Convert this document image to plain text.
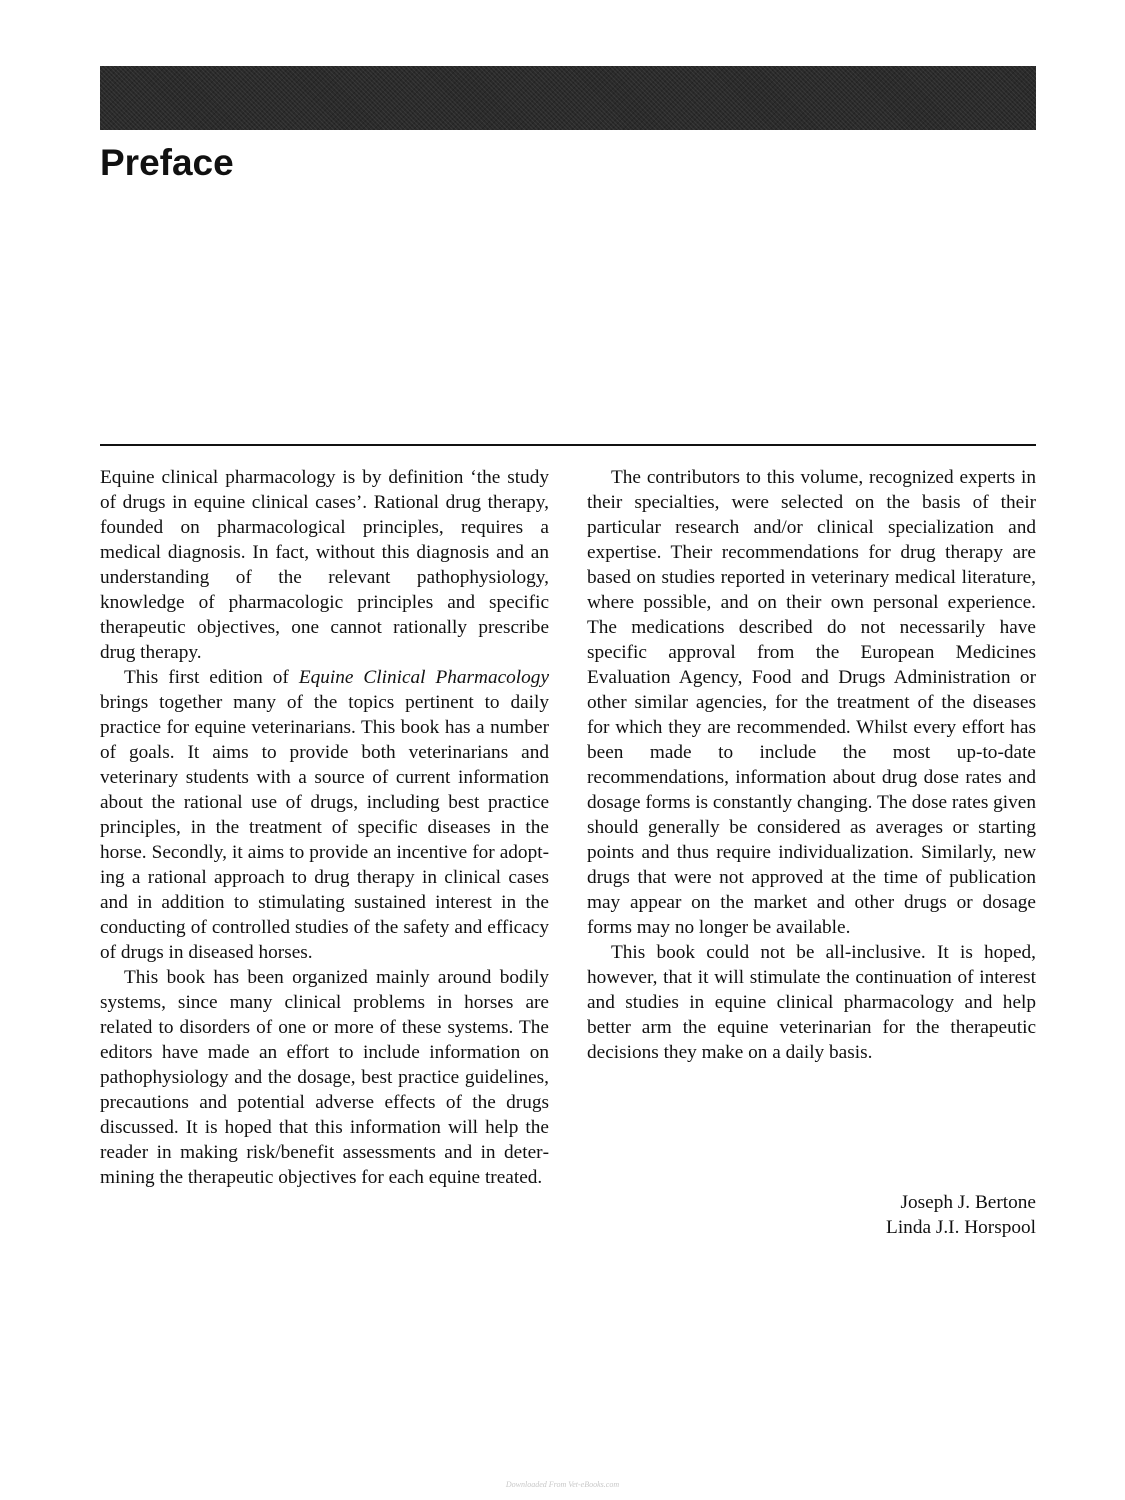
Preface

Equine clinical pharmacology is by definition ‘the study of drugs in equine clinical cases’. Rational drug therapy, founded on pharmacological principles, requires a medical diagnosis. In fact, without this diagnosis and an understanding of the relevant pathophysiology, knowledge of pharmacologic principles and specific therapeutic objectives, one cannot rationally prescribe drug therapy.

This first edition of Equine Clinical Pharmacology brings together many of the topics pertinent to daily practice for equine veterinarians. This book has a number of goals. It aims to provide both veterinarians and veterinary students with a source of current information about the rational use of drugs, including best practice principles, in the treatment of specific diseases in the horse. Secondly, it aims to provide an incentive for adopting a rational approach to drug therapy in clinical cases and in addition to stimulating sustained interest in the conducting of controlled studies of the safety and efficacy of drugs in diseased horses.

This book has been organized mainly around bodily systems, since many clinical problems in horses are related to disorders of one or more of these systems. The editors have made an effort to include information on pathophysiology and the dosage, best practice guidelines, precautions and potential adverse effects of the drugs discussed. It is hoped that this information will help the reader in making risk/benefit assessments and in determining the therapeutic objectives for each equine treated.

The contributors to this volume, recognized experts in their specialties, were selected on the basis of their particular research and/or clinical specialization and expertise. Their recommendations for drug therapy are based on studies reported in veterinary medical literature, where possible, and on their own personal experience. The medications described do not necessarily have specific approval from the European Medicines Evaluation Agency, Food and Drugs Administration or other similar agencies, for the treatment of the diseases for which they are recommended. Whilst every effort has been made to include the most up-to-date recommendations, information about drug dose rates and dosage forms is constantly changing. The dose rates given should generally be considered as averages or starting points and thus require individualization. Similarly, new drugs that were not approved at the time of publication may appear on the market and other drugs or dosage forms may no longer be available.

This book could not be all-inclusive. It is hoped, however, that it will stimulate the continuation of interest and studies in equine clinical pharmacology and help better arm the equine veterinarian for the therapeutic decisions they make on a daily basis.

Joseph J. Bertone
Linda J.I. Horspool
Downloaded From Vet-eBooks.com
